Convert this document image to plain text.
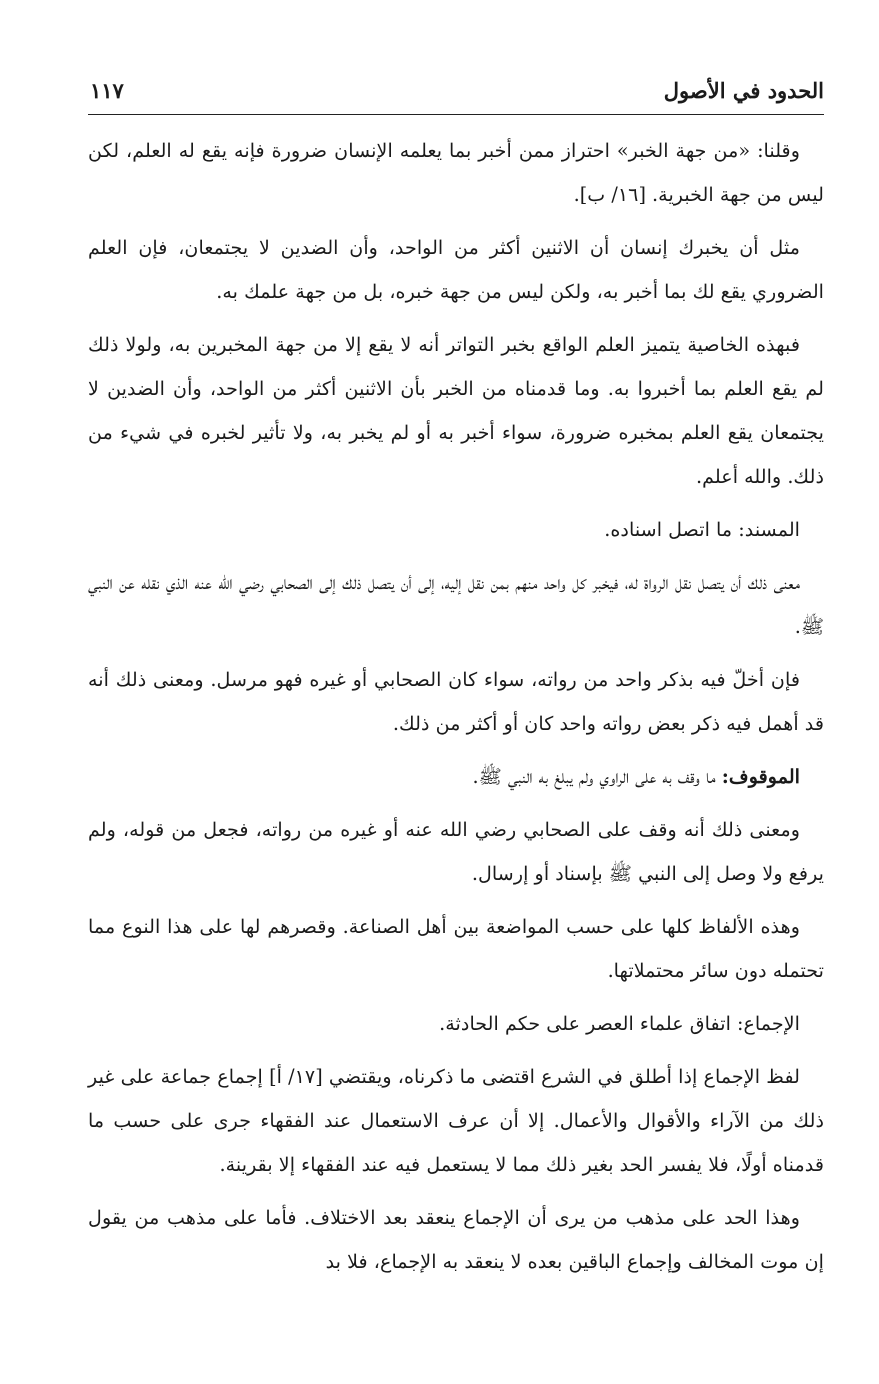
الحدود في الأصول
١١٧

وقلنا: «من جهة الخبر» احتراز ممن أخبر بما يعلمه الإنسان ضرورة فإنه يقع له العلم، لكن ليس من جهة الخبرية. [١٦/ ب].

مثل أن يخبرك إنسان أن الاثنين أكثر من الواحد، وأن الضدين لا يجتمعان، فإن العلم الضروري يقع لك بما أخبر به، ولكن ليس من جهة خبره، بل من جهة علمك به.

فبهذه الخاصية يتميز العلم الواقع بخبر التواتر أنه لا يقع إلا من جهة المخبرين به، ولولا ذلك لم يقع العلم بما أخبروا به. وما قدمناه من الخبر بأن الاثنين أكثر من الواحد، وأن الضدين لا يجتمعان يقع العلم بمخبره ضرورة، سواء أخبر به أو لم يخبر به، ولا تأثير لخبره في شيء من ذلك. والله أعلم.

المسند: ما اتصل اسناده.

معنى ذلك أن يتصل نقل الرواة له، فيخبر كل واحد منهم بمن نقل إليه، إلى أن يتصل ذلك إلى الصحابي رضي الله عنه الذي نقله عن النبي ﷺ.

فإن أخلّ فيه بذكر واحد من رواته، سواء كان الصحابي أو غيره فهو مرسل. ومعنى ذلك أنه قد أهمل فيه ذكر بعض رواته واحد كان أو أكثر من ذلك.

الموقوف: ما وقف به على الراوي ولم يبلغ به النبي ﷺ.

ومعنى ذلك أنه وقف على الصحابي رضي الله عنه أو غيره من رواته، فجعل من قوله، ولم يرفع ولا وصل إلى النبي ﷺ بإسناد أو إرسال.

وهذه الألفاظ كلها على حسب المواضعة بين أهل الصناعة. وقصرهم لها على هذا النوع مما تحتمله دون سائر محتملاتها.

الإجماع: اتفاق علماء العصر على حكم الحادثة.

لفظ الإجماع إذا أطلق في الشرع اقتضى ما ذكرناه، ويقتضي [١٧/ أ] إجماع جماعة على غير ذلك من الآراء والأقوال والأعمال. إلا أن عرف الاستعمال عند الفقهاء جرى على حسب ما قدمناه أولًا، فلا يفسر الحد بغير ذلك مما لا يستعمل فيه عند الفقهاء إلا بقرينة.

وهذا الحد على مذهب من يرى أن الإجماع ينعقد بعد الاختلاف. فأما على مذهب من يقول إن موت المخالف وإجماع الباقين بعده لا ينعقد به الإجماع، فلا بد
